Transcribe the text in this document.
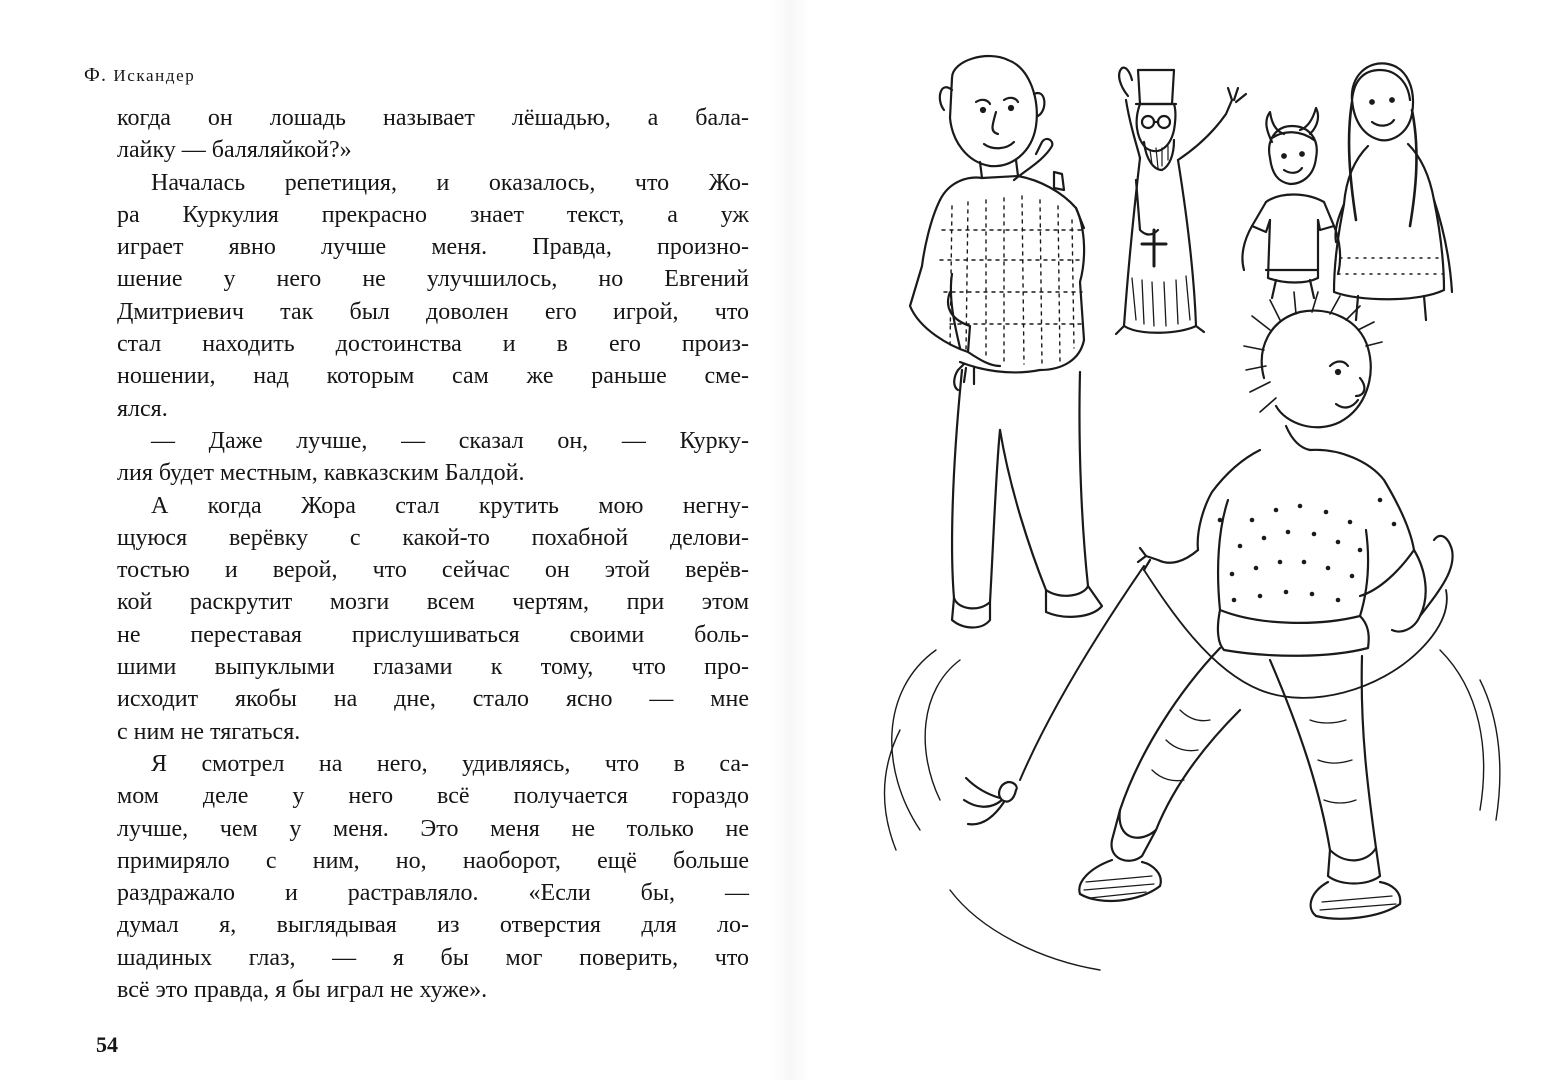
Ф. Искандер
когда он лошадь называет лёшадью, а бала-
лайку — баляляйкой?»
Началась репетиция, и оказалось, что Жо-
ра Куркулия прекрасно знает текст, а уж
играет явно лучше меня. Правда, произно-
шение у него не улучшилось, но Евгений
Дмитриевич так был доволен его игрой, что
стал находить достоинства и в его произ-
ношении, над которым сам же раньше сме-
ялся.
— Даже лучше, — сказал он, — Курку-
лия будет местным, кавказским Балдой.
А когда Жора стал крутить мою негну-
щуюся верёвку с какой-то похабной делови-
тостью и верой, что сейчас он этой верёв-
кой раскрутит мозги всем чертям, при этом
не переставая прислушиваться своими боль-
шими выпуклыми глазами к тому, что про-
исходит якобы на дне, стало ясно — мне
с ним не тягаться.
Я смотрел на него, удивляясь, что в са-
мом деле у него всё получается гораздо
лучше, чем у меня. Это меня не только не
примиряло с ним, но, наоборот, ещё больше
раздражало и растравляло. «Если бы, —
думал я, выглядывая из отверстия для ло-
шадиных глаз, — я бы мог поверить, что
всё это правда, я бы играл не хуже».
54
